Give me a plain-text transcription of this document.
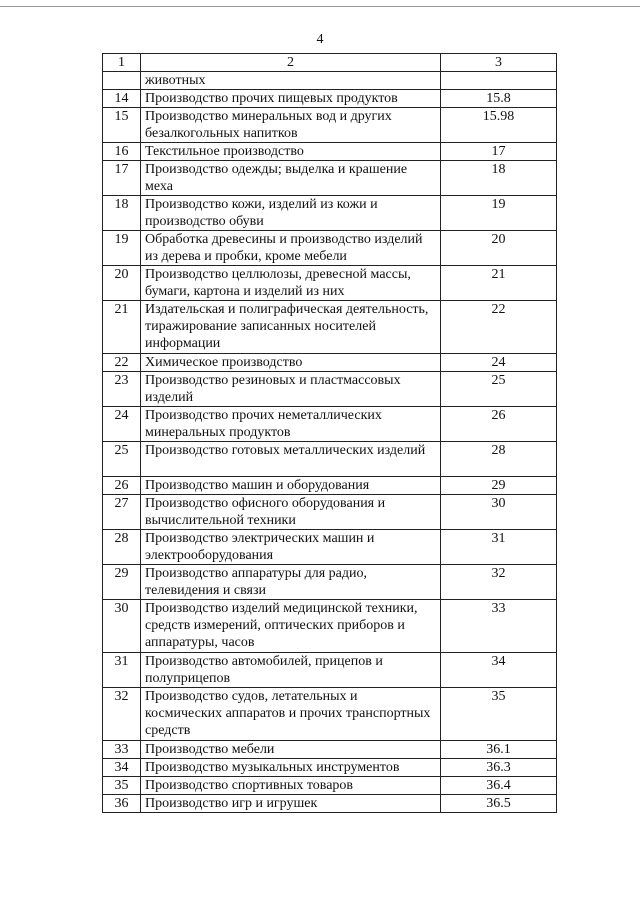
4
1	2	3
	животных	
14	Производство прочих пищевых продуктов	15.8
15	Производство минеральных вод и других безалкогольных напитков	15.98
16	Текстильное производство	17
17	Производство одежды; выделка и крашение меха	18
18	Производство кожи, изделий из кожи и производство обуви	19
19	Обработка древесины и производство изделий из дерева и пробки, кроме мебели	20
20	Производство целлюлозы, древесной массы, бумаги, картона и изделий из них	21
21	Издательская и полиграфическая деятельность, тиражирование записанных носителей информации	22
22	Химическое производство	24
23	Производство резиновых и пластмассовых изделий	25
24	Производство прочих неметаллических минеральных продуктов	26
25	Производство готовых металлических изделий	28
26	Производство машин и оборудования	29
27	Производство офисного оборудования и вычислительной техники	30
28	Производство электрических машин и электрооборудования	31
29	Производство аппаратуры для радио, телевидения и связи	32
30	Производство изделий медицинской техники, средств измерений, оптических приборов и аппаратуры, часов	33
31	Производство автомобилей, прицепов и полуприцепов	34
32	Производство судов, летательных и космических аппаратов и прочих транспортных средств	35
33	Производство мебели	36.1
34	Производство музыкальных инструментов	36.3
35	Производство спортивных товаров	36.4
36	Производство игр и игрушек	36.5
